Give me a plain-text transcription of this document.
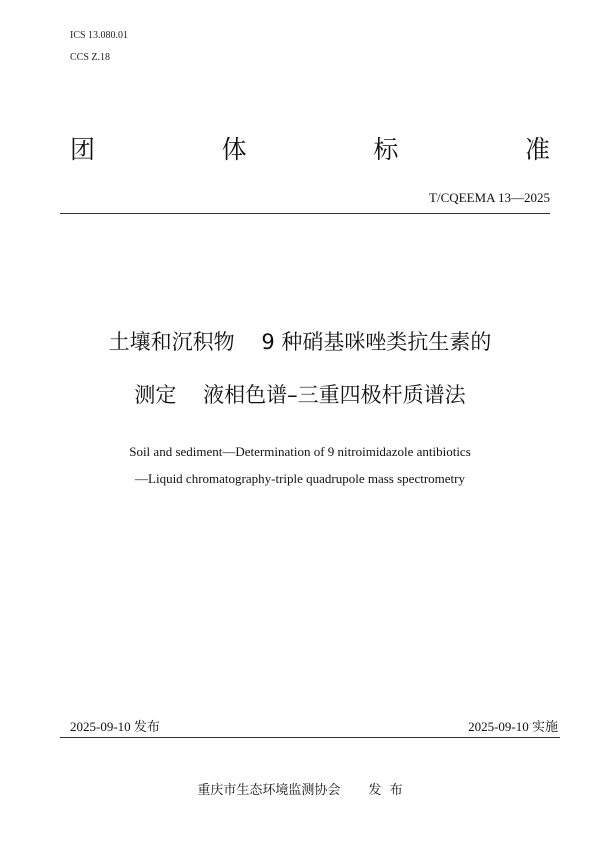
ICS 13.080.01
CCS Z.18
团	体	标	准
T/CQEEMA 13—2025
土壤和沉积物    9 种硝基咪唑类抗生素的
测定    液相色谱–三重四极杆质谱法
Soil and sediment—Determination of 9 nitroimidazole antibiotics
—Liquid chromatography-triple quadrupole mass spectrometry
2025-09-10 发布	2025-09-10 实施
重庆市生态环境监测协会 发  布
